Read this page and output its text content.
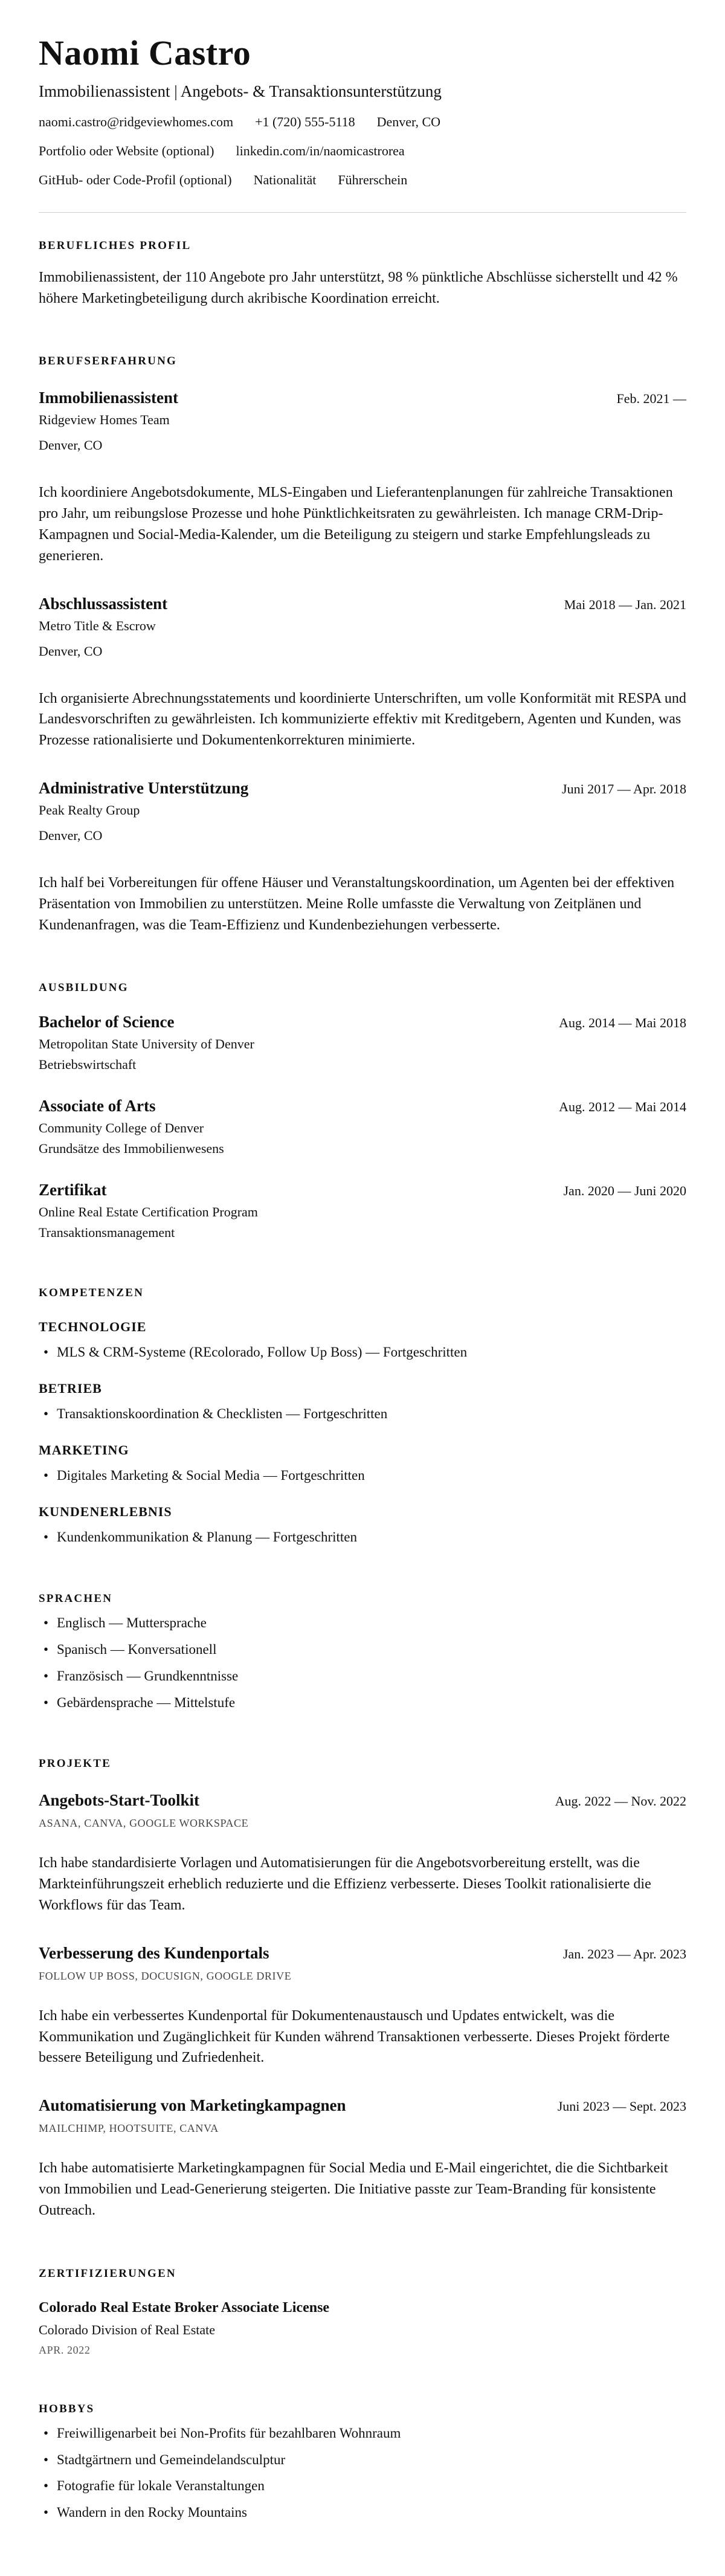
Naomi Castro
Immobilienassistent | Angebots- & Transaktionsunterstützung
naomi.castro@ridgeviewhomes.com +1 (720) 555-5118 Denver, CO
Portfolio oder Website (optional) linkedin.com/in/naomicastrorea
GitHub- oder Code-Profil (optional) Nationalität Führerschein
BERUFLICHES PROFIL

Immobilienassistent, der 110 Angebote pro Jahr unterstützt, 98 % pünktliche Abschlüsse sicherstellt und 42 % höhere Marketingbeteiligung durch akribische Koordination erreicht.

BERUFSERFAHRUNG
Immobilienassistent	Feb. 2021 —
Ridgeview Homes Team
Denver, CO

Ich koordiniere Angebotsdokumente, MLS-Eingaben und Lieferantenplanungen für zahlreiche Transaktionen pro Jahr, um reibungslose Prozesse und hohe Pünktlichkeitsraten zu gewährleisten. Ich manage CRM-Drip-Kampagnen und Social-Media-Kalender, um die Beteiligung zu steigern und starke Empfehlungsleads zu generieren.

Abschlussassistent	Mai 2018 — Jan. 2021
Metro Title & Escrow
Denver, CO

Ich organisierte Abrechnungsstatements und koordinierte Unterschriften, um volle Konformität mit RESPA und Landesvorschriften zu gewährleisten. Ich kommunizierte effektiv mit Kreditgebern, Agenten und Kunden, was Prozesse rationalisierte und Dokumentenkorrekturen minimierte.

Administrative Unterstützung	Juni 2017 — Apr. 2018
Peak Realty Group
Denver, CO

Ich half bei Vorbereitungen für offene Häuser und Veranstaltungskoordination, um Agenten bei der effektiven Präsentation von Immobilien zu unterstützen. Meine Rolle umfasste die Verwaltung von Zeitplänen und Kundenanfragen, was die Team-Effizienz und Kundenbeziehungen verbesserte.

AUSBILDUNG
Bachelor of Science	Aug. 2014 — Mai 2018
Metropolitan State University of Denver
Betriebswirtschaft
Associate of Arts	Aug. 2012 — Mai 2014
Community College of Denver
Grundsätze des Immobilienwesens
Zertifikat	Jan. 2020 — Juni 2020
Online Real Estate Certification Program
Transaktionsmanagement
KOMPETENZEN
TECHNOLOGIE
• MLS & CRM-Systeme (REcolorado, Follow Up Boss) — Fortgeschritten
BETRIEB
• Transaktionskoordination & Checklisten — Fortgeschritten
MARKETING
• Digitales Marketing & Social Media — Fortgeschritten
KUNDENERLEBNIS
• Kundenkommunikation & Planung — Fortgeschritten
SPRACHEN
• Englisch — Muttersprache
• Spanisch — Konversationell
• Französisch — Grundkenntnisse
• Gebärdensprache — Mittelstufe
PROJEKTE
Angebots-Start-Toolkit	Aug. 2022 — Nov. 2022
ASANA, CANVA, GOOGLE WORKSPACE

Ich habe standardisierte Vorlagen und Automatisierungen für die Angebotsvorbereitung erstellt, was die Markteinführungszeit erheblich reduzierte und die Effizienz verbesserte. Dieses Toolkit rationalisierte die Workflows für das Team.

Verbesserung des Kundenportals	Jan. 2023 — Apr. 2023
FOLLOW UP BOSS, DOCUSIGN, GOOGLE DRIVE

Ich habe ein verbessertes Kundenportal für Dokumentenaustausch und Updates entwickelt, was die Kommunikation und Zugänglichkeit für Kunden während Transaktionen verbesserte. Dieses Projekt förderte bessere Beteiligung und Zufriedenheit.

Automatisierung von Marketingkampagnen	Juni 2023 — Sept. 2023
MAILCHIMP, HOOTSUITE, CANVA

Ich habe automatisierte Marketingkampagnen für Social Media und E-Mail eingerichtet, die die Sichtbarkeit von Immobilien und Lead-Generierung steigerten. Die Initiative passte zur Team-Branding für konsistente Outreach.

ZERTIFIZIERUNGEN
Colorado Real Estate Broker Associate License
Colorado Division of Real Estate
APR. 2022
HOBBYS
• Freiwilligenarbeit bei Non-Profits für bezahlbaren Wohnraum
• Stadtgärtnern und Gemeindelandsculptur
• Fotografie für lokale Veranstaltungen
• Wandern in den Rocky Mountains
